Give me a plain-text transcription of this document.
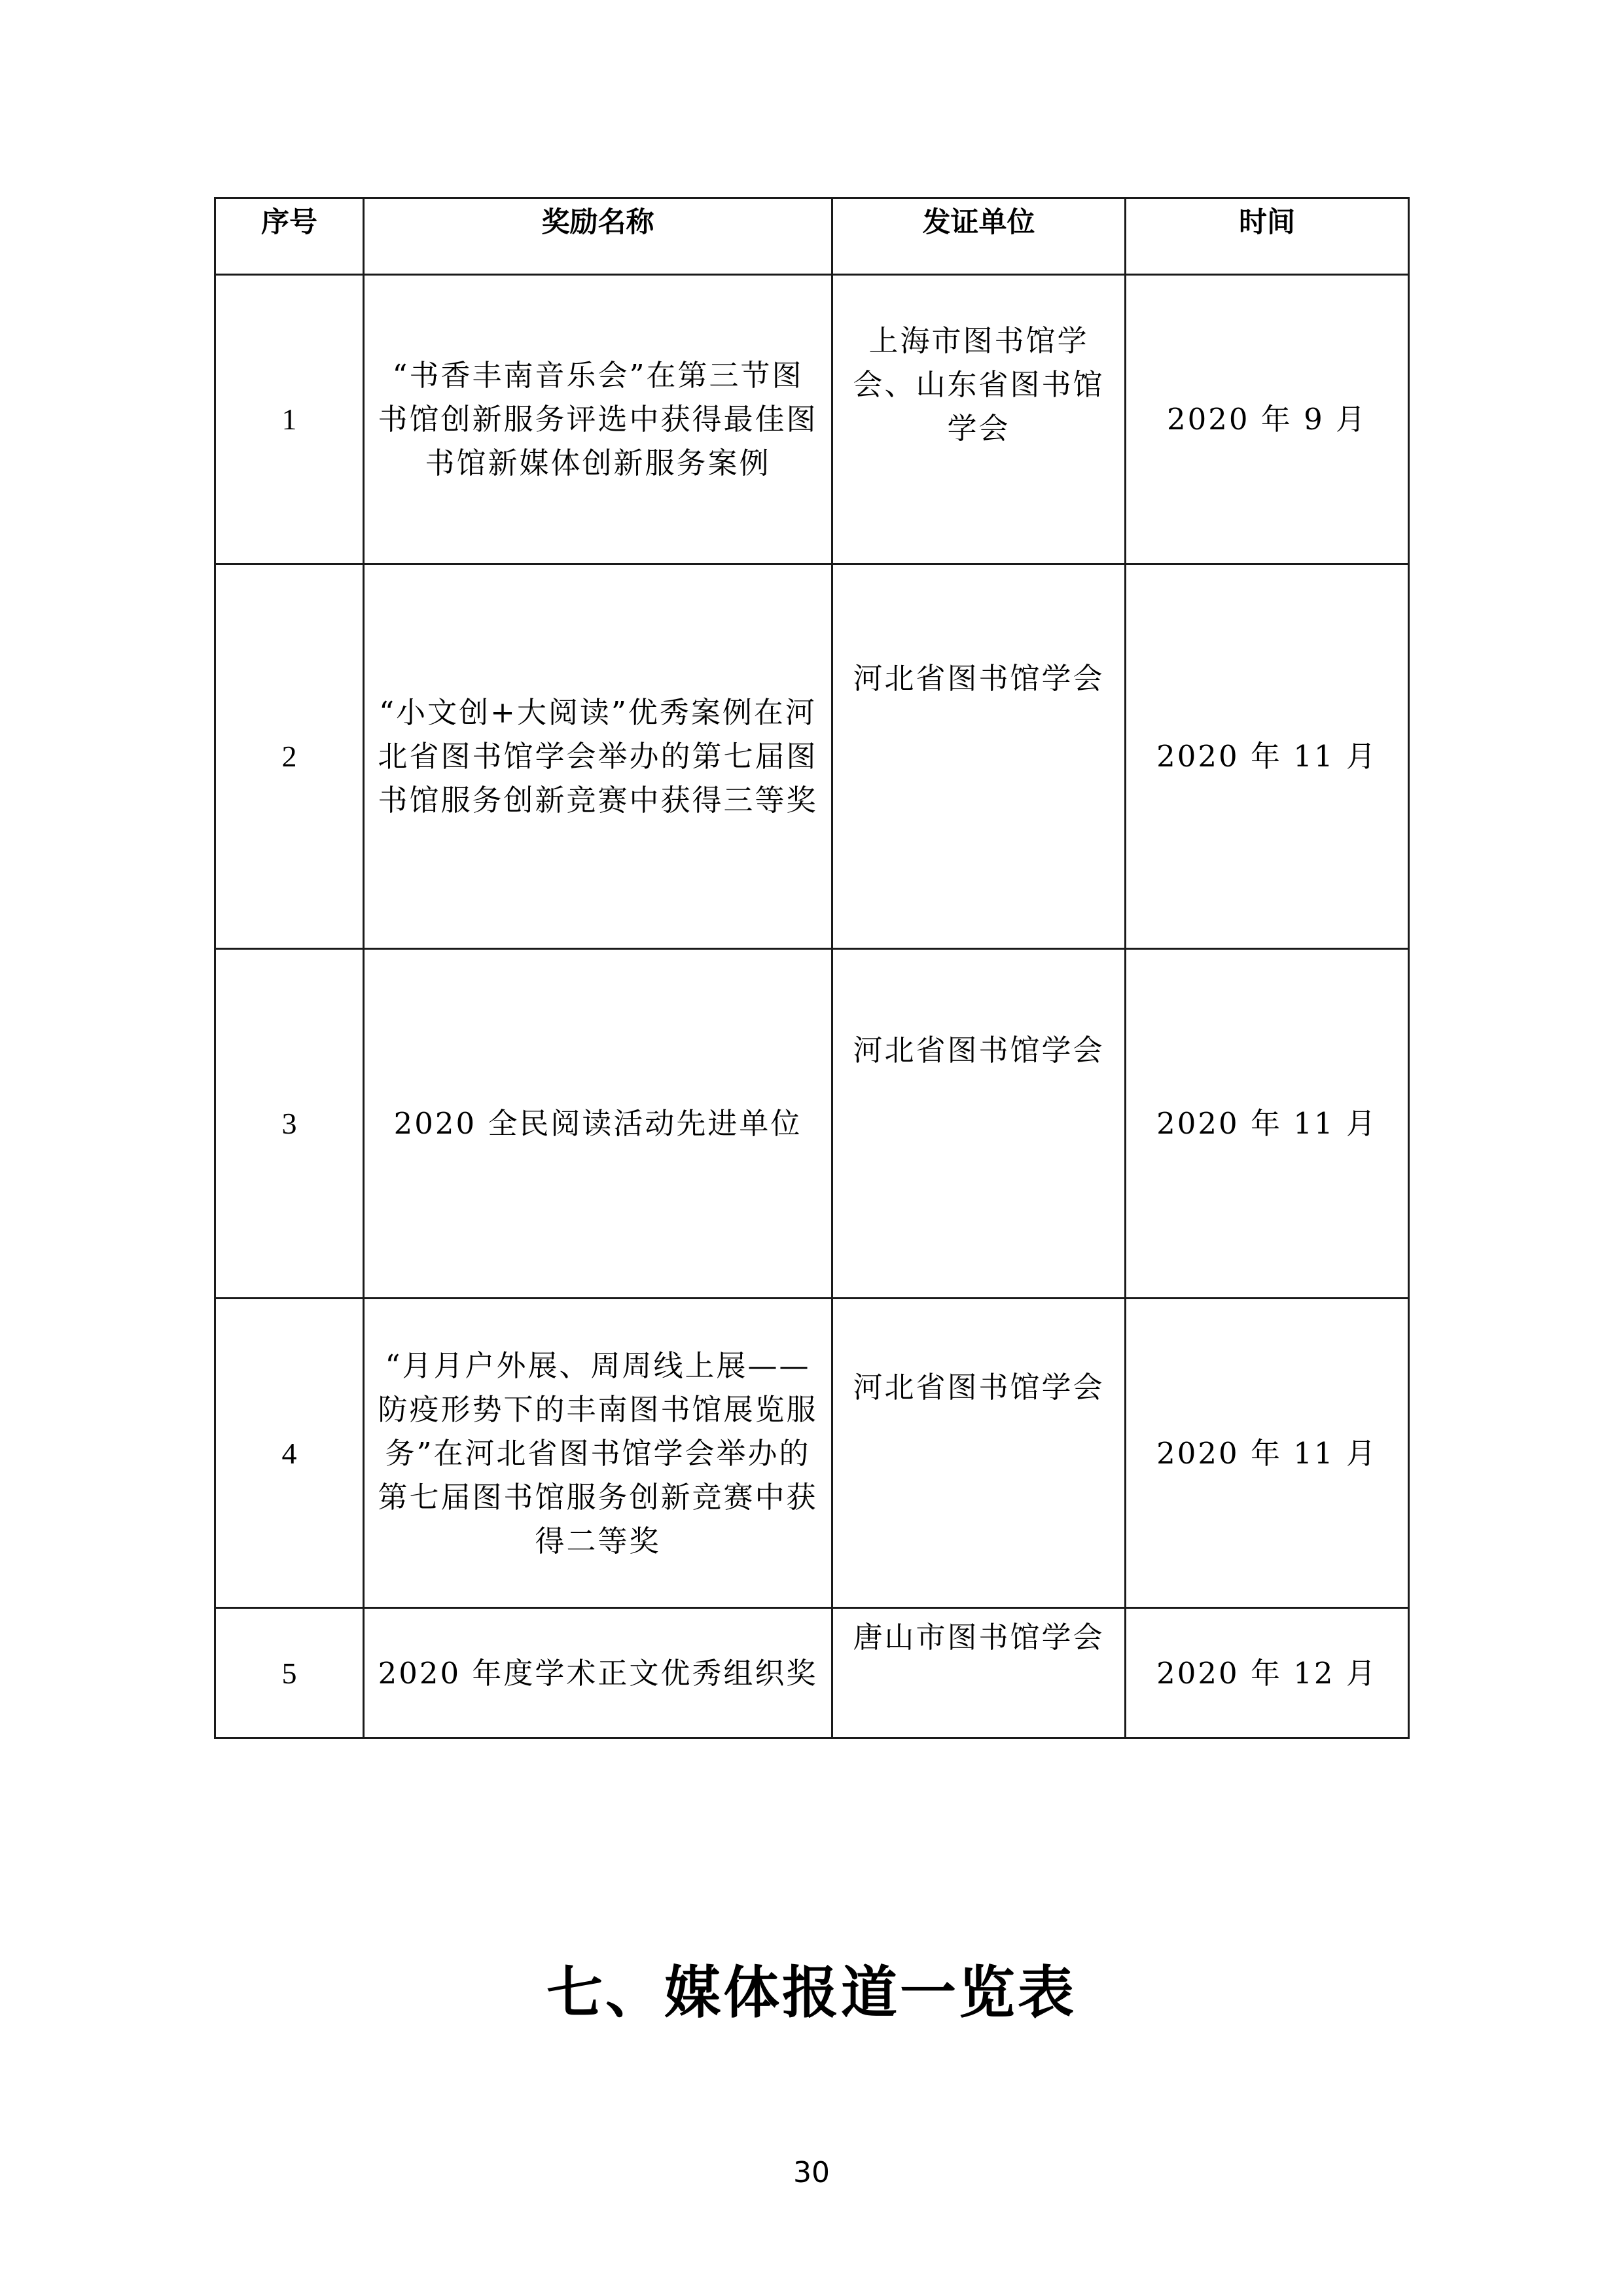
序号	奖励名称	发证单位	时间
1	“书香丰南音乐会”在第三节图书馆创新服务评选中获得最佳图书馆新媒体创新服务案例	上海市图书馆学会、山东省图书馆学会	2020 年 9 月
2	“小文创+大阅读”优秀案例在河北省图书馆学会举办的第七届图书馆服务创新竞赛中获得三等奖	河北省图书馆学会	2020 年 11 月
3	2020 全民阅读活动先进单位	河北省图书馆学会	2020 年 11 月
4	“月月户外展、周周线上展——防疫形势下的丰南图书馆展览服务”在河北省图书馆学会举办的第七届图书馆服务创新竞赛中获得二等奖	河北省图书馆学会	2020 年 11 月
5	2020 年度学术正文优秀组织奖	唐山市图书馆学会	2020 年 12 月
七、媒体报道一览表
30
